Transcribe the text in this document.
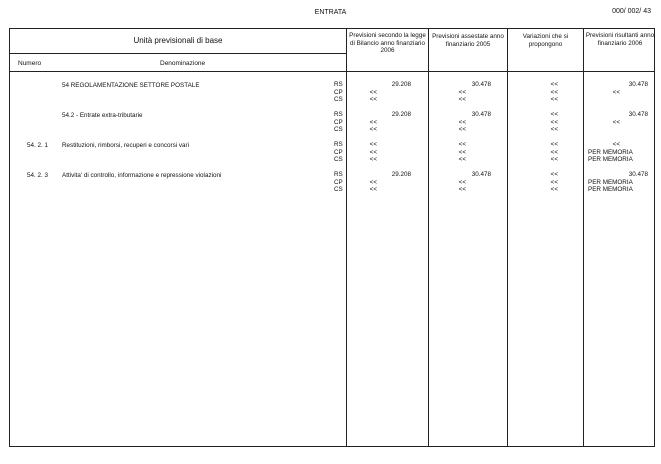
ENTRATA	000/ 002/ 43
Unità previsionali di base
Numero	Denominazione
Previsioni secondo la legge di Bilancio anno finanziario 2006
Previsioni assestate anno finanziario 2005
Variazioni che si propongono
Previsioni risultanti anno finanziario 2006
54 REGOLAMENTAZIONE SETTORE POSTALE	RS	29.208	30.478	<<	30.478
CP	<<	<<	<<	<<
CS	<<	<<	<<
54.2 - Entrate extra-tributarie	RS	29.208	30.478	<<	30.478
CP	<<	<<	<<	<<
CS	<<	<<	<<
54. 2. 1 Restituzioni, rimborsi, recuperi e concorsi vari	RS	<<	<<	<<	<<
CP	<<	<<	<<	PER MEMORIA
CS	<<	<<	<<	PER MEMORIA
54. 2. 3 Attivita' di controllo, informazione e repressione violazioni	RS	29.208	30.478	<<	30.478
CP	<<	<<	<<	PER MEMORIA
CS	<<	<<	<<	PER MEMORIA
